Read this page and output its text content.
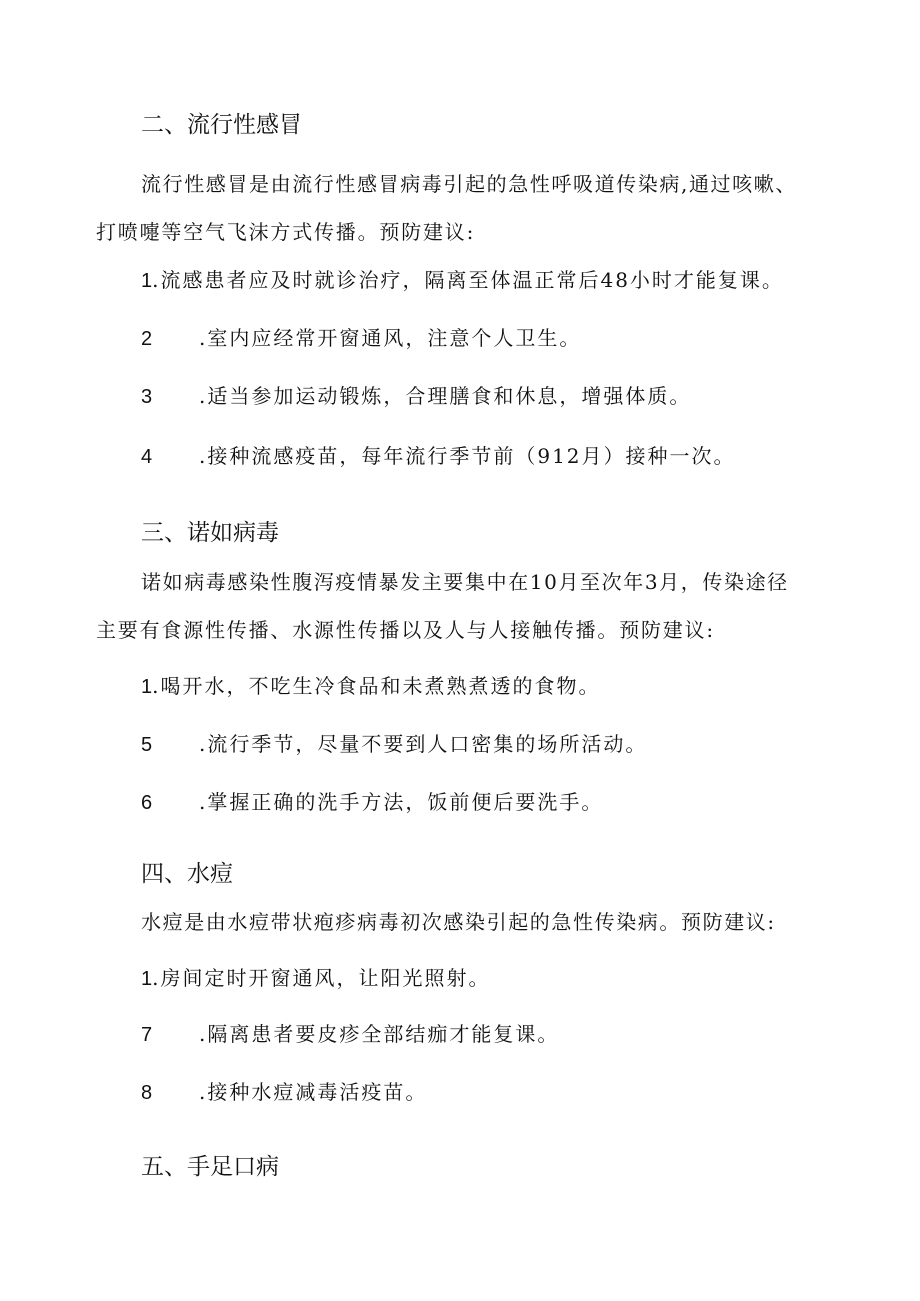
二、流行性感冒
流行性感冒是由流行性感冒病毒引起的急性呼吸道传染病,通过咳嗽、
打喷嚏等空气飞沫方式传播。预防建议:
1.流感患者应及时就诊治疗，隔离至体温正常后48小时才能复课。
2 .室内应经常开窗通风，注意个人卫生。
3 .适当参加运动锻炼，合理膳食和休息，增强体质。
4 .接种流感疫苗，每年流行季节前（912月）接种一次。
三、诺如病毒
诺如病毒感染性腹泻疫情暴发主要集中在10月至次年3月，传染途径
主要有食源性传播、水源性传播以及人与人接触传播。预防建议:
1.喝开水，不吃生冷食品和未煮熟煮透的食物。
5 .流行季节，尽量不要到人口密集的场所活动。
6 .掌握正确的洗手方法，饭前便后要洗手。
四、水痘
水痘是由水痘带状疱疹病毒初次感染引起的急性传染病。预防建议:
1.房间定时开窗通风，让阳光照射。
7 .隔离患者要皮疹全部结痂才能复课。
8 .接种水痘减毒活疫苗。
五、手足口病
